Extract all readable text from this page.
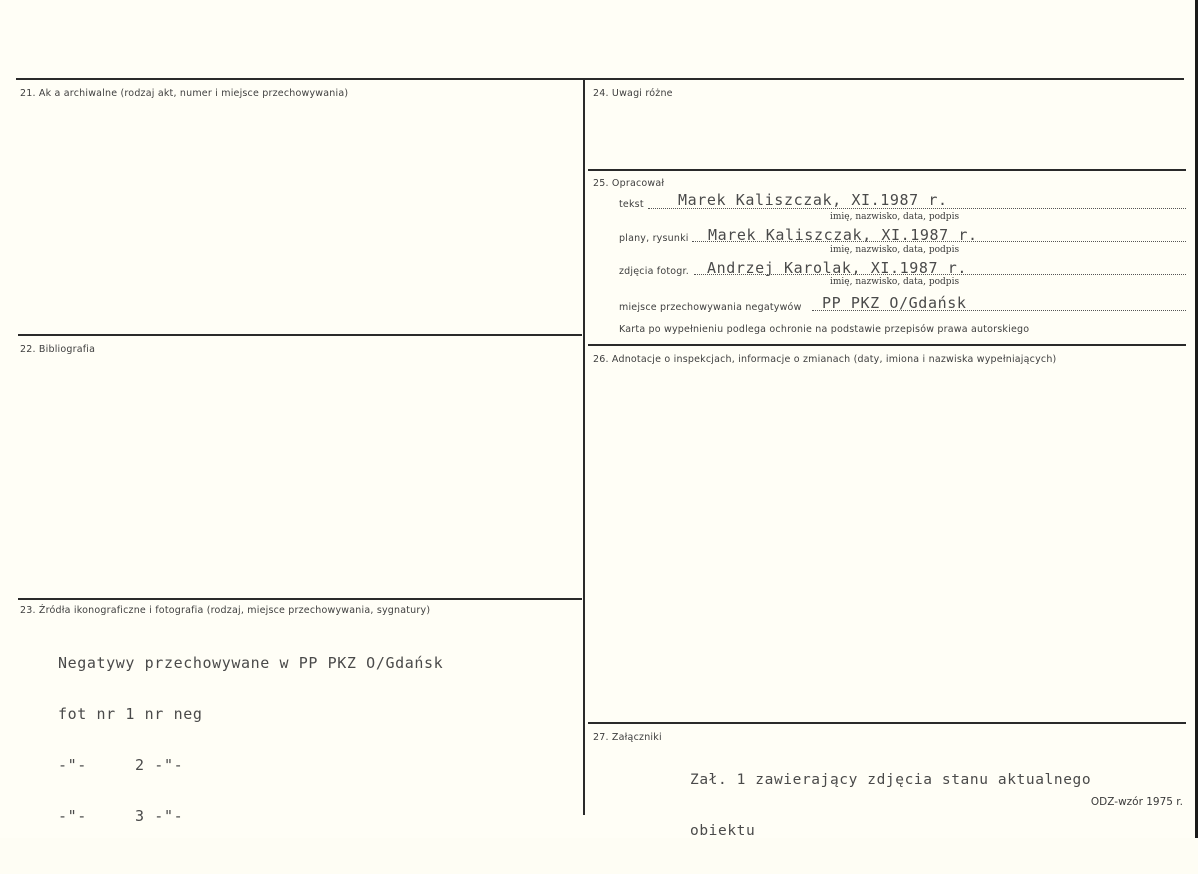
21. Ak a archiwalne (rodzaj akt, numer i miejsce przechowywania)
22. Bibliografia
23. Źródła ikonograficzne i fotografia (rodzaj, miejsce przechowywania, sygnatury)

Negatywy przechowywane w PP PKZ O/Gdańsk

fot nr 1 nr neg

-"-     2 -"-

-"-     3 -"-

24. Uwagi różne
25. Opracował
tekst Marek Kaliszczak, XI.1987 r.
imię, nazwisko, data, podpis
plany, rysunki Marek Kaliszczak, XI.1987 r.
imię, nazwisko, data, podpis
zdjęcia fotogr. Andrzej Karolak, XI.1987 r.
imię, nazwisko, data, podpis
miejsce przechowywania negatywów PP PKZ O/Gdańsk
Karta po wypełnieniu podlega ochronie na podstawie przepisów prawa autorskiego
26. Adnotacje o inspekcjach, informacje o zmianach (daty, imiona i nazwiska wypełniających)
27. Załączniki

Zał. 1 zawierający zdjęcia stanu aktualnego

obiektu

ODZ-wzór 1975 r.
